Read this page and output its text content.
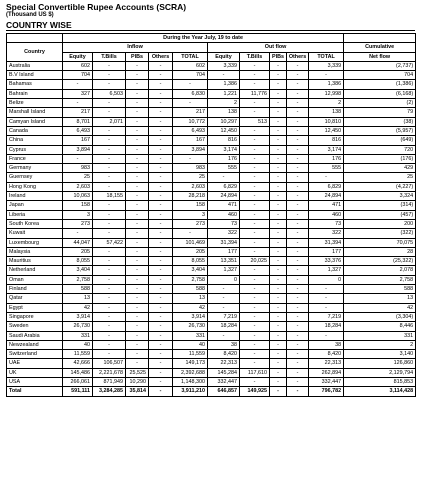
Special Convertible Rupee Accounts (SCRA)
(Thousand US $)
COUNTRY WISE
	During the Year July, 19 to date										
Country	Inflow					Out flow					Cumulative
	Equity	T.Bills	PIBs	Others	TOTAL	Equity	T.Bills	PIBs	Others	TOTAL	Net flow
Australia	602	-	-	-	602	3,339	-	-	-	3,339	(2,737)
B.V Island	704	-	-	-	704	-	-	-	-	-	704
Bahamas	-	-	-	-	-	1,386	-	-	-	1,386	(1,386)
Bahrain	327	6,503	-	-	6,830	1,221	11,776	-	-	12,998	(6,168)
Belize	-	-	-	-	-	2	-	-	-	2	(2)
Marshall Island	217	-	-	-	217	138	-	-	-	138	79
Camyan Island	8,701	2,071	-	-	10,772	10,297	513	-	-	10,810	(38)
Canada	6,493	-	-	-	6,493	12,450	-	-	-	12,450	(5,957)
China	167	-	-	-	167	816	-	-	-	816	(649)
Cyprus	3,894	-	-	-	3,894	3,174	-	-	-	3,174	720
France	-	-	-	-	-	176	-	-	-	176	(176)
Germany	983	-	-	-	983	555	-	-	-	555	429
Guernsey	25	-	-	-	25	-	-	-	-	-	25
Hong Kong	2,603	-	-	-	2,603	6,829	-	-	-	6,829	(4,227)
Ireland	10,063	18,155	-	-	28,218	24,894	-	-	-	24,894	3,324
Japan	158	-	-	-	158	471	-	-	-	471	(314)
Liberia	3	-	-	-	3	460	-	-	-	460	(457)
South Korea	273	-	-	-	273	73	-	-	-	73	200
Kuwait	-	-	-	-	-	322	-	-	-	322	(322)
Luxembourg	44,047	57,422	-	-	101,469	31,394	-	-	-	31,394	70,075
Malaysia	205	-	-	-	205	177	-	-	-	177	28
Mauritius	8,055	-	-	-	8,055	13,351	20,025	-	-	33,376	(25,322)
Netherland	3,404	-	-	-	3,404	1,327	-	-	-	1,327	2,078
Oman	2,758	-	-	-	2,758	0	-	-	-	0	2,758
Finland	588	-	-	-	588	-	-	-	-	-	588
Qatar	13	-	-	-	13	-	-	-	-	-	13
Egypt	42	-	-	-	42	-	-	-	-	-	42
Singapore	3,914	-	-	-	3,914	7,219	-	-	-	7,219	(3,304)
Sweden	26,730	-	-	-	26,730	18,284	-	-	-	18,284	8,446
Saudi Arabia	331	-	-	-	331	-	-	-	-	-	331
Newzealand	40	-	-	-	40	38	-	-	-	38	2
Switzerland	11,559	-	-	-	11,559	8,420	-	-	-	8,420	3,140
UAE	42,666	106,507	-	-	149,173	22,313	-	-	-	22,313	126,860
UK	145,486	2,221,678	25,525	-	2,392,688	145,284	117,610	-	-	262,894	2,129,794
USA	266,061	871,949	10,290	-	1,148,300	332,447	-	-	-	332,447	815,853
Total	591,111	3,284,285	35,814	-	3,911,210	646,857	149,925	-	-	796,782	3,114,428
